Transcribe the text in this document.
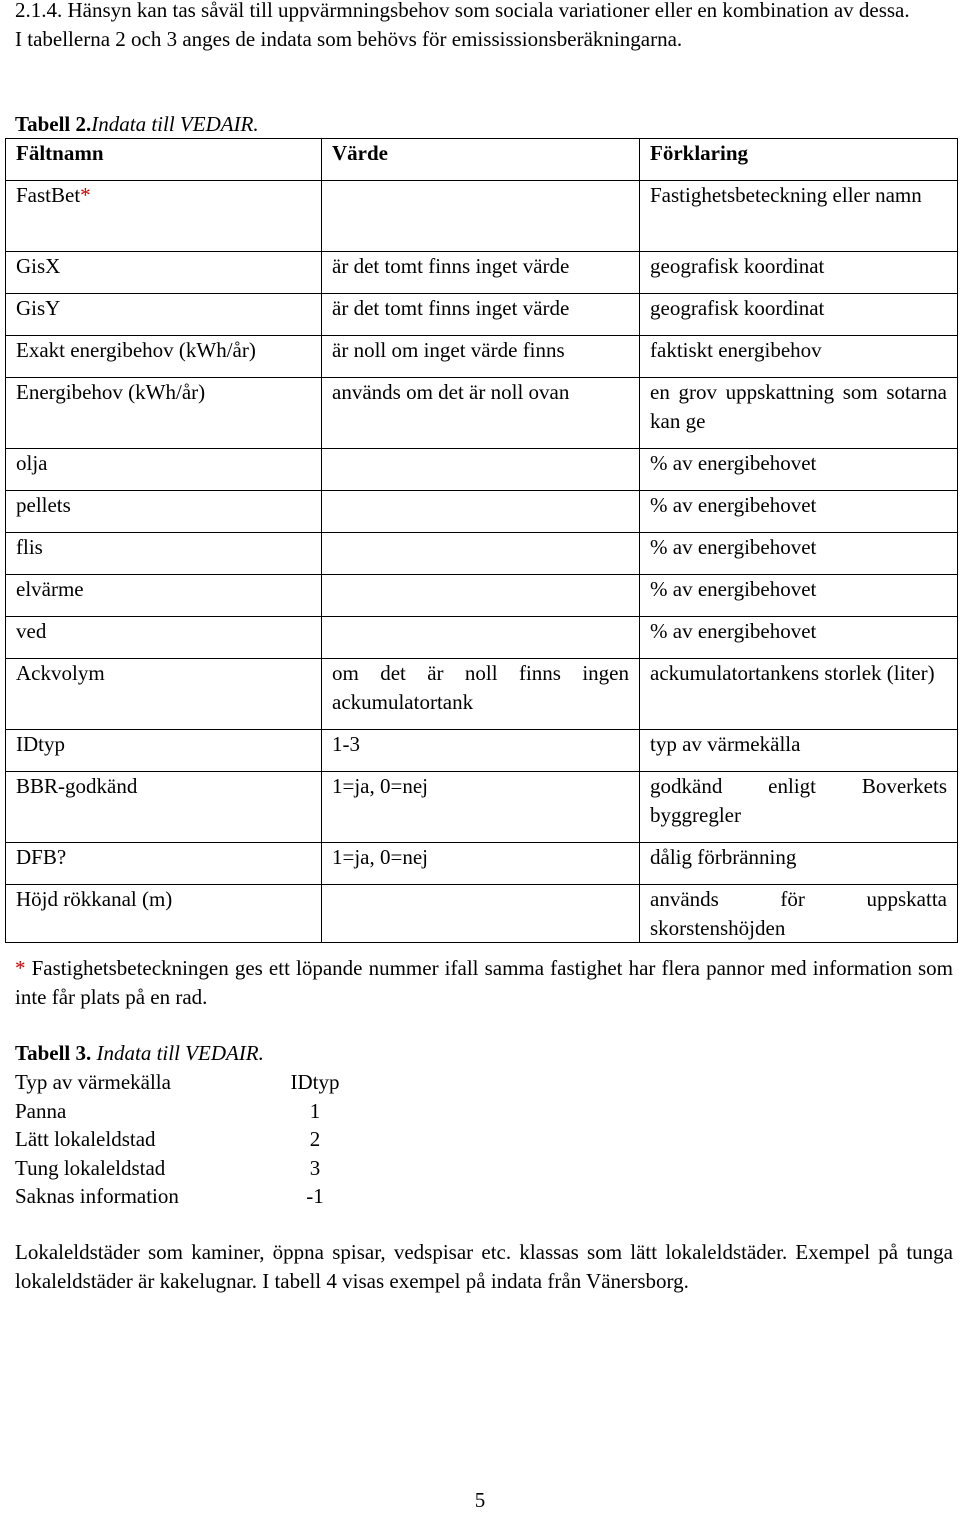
2.1.4. Hänsyn kan tas såväl till uppvärmningsbehov som sociala variationer eller en kombination av dessa.

I tabellerna 2 och 3 anges de indata som behövs för emississionsberäkningarna.

Tabell 2.Indata till VEDAIR.
Fältnamn	Värde	Förklaring
FastBet*		Fastighetsbeteckning eller namn
GisX	är det tomt finns inget värde	geografisk koordinat
GisY	är det tomt finns inget värde	geografisk koordinat
Exakt energibehov (kWh/år)	är noll om inget värde finns	faktiskt energibehov
Energibehov (kWh/år)	används om det är noll ovan	en grov uppskattning som sotarna kan ge
olja		% av energibehovet
pellets		% av energibehovet
flis		% av energibehovet
elvärme		% av energibehovet
ved		% av energibehovet
Ackvolym	om det är noll finns ingen ackumulatortank	ackumulatortankens storlek (liter)
IDtyp	1-3	typ av värmekälla
BBR-godkänd	1=ja, 0=nej	godkänd enligt Boverkets byggregler
DFB?	1=ja, 0=nej	dålig förbränning
Höjd rökkanal (m)		används för uppskatta skorstenshöjden
* Fastighetsbeteckningen ges ett löpande nummer ifall samma fastighet har flera pannor med information som inte får plats på en rad.
Tabell 3. Indata till VEDAIR.
Typ av värmekälla	IDtyp
Panna	1
Lätt lokaleldstad	2
Tung lokaleldstad	3
Saknas information	-1

Lokaleldstäder som kaminer, öppna spisar, vedspisar etc. klassas som lätt lokaleldstäder. Exempel på tunga lokaleldstäder är kakelugnar. I tabell 4 visas exempel på indata från Vänersborg.

5
